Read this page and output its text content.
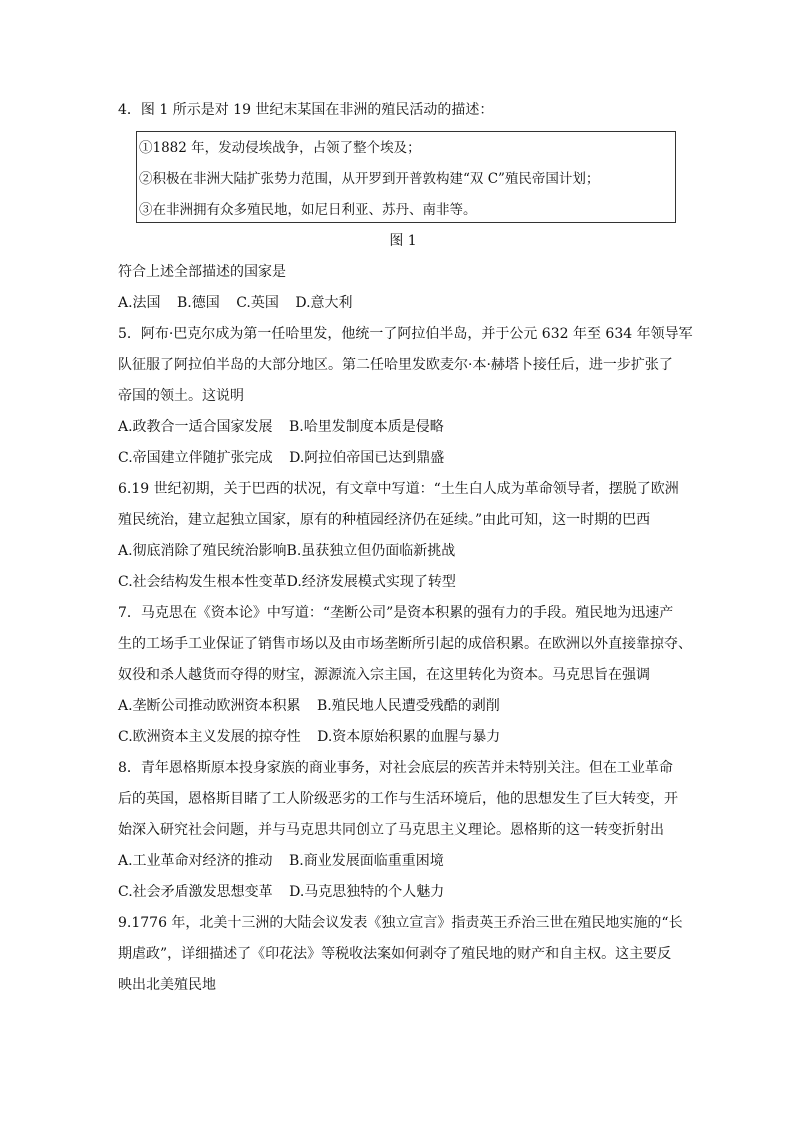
4．图 1 所示是对 19 世纪末某国在非洲的殖民活动的描述：
①1882 年，发动侵埃战争，占领了整个埃及；
②积极在非洲大陆扩张势力范围，从开罗到开普敦构建“双 C”殖民帝国计划；
③在非洲拥有众多殖民地，如尼日利亚、苏丹、南非等。
图 1
符合上述全部描述的国家是
A.法国 B.德国 C.英国 D.意大利
5．阿布·巴克尔成为第一任哈里发，他统一了阿拉伯半岛，并于公元 632 年至 634 年领导军
队征服了阿拉伯半岛的大部分地区。第二任哈里发欧麦尔·本·赫塔卜接任后，进一步扩张了
帝国的领土。这说明
A.政教合一适合国家发展 B.哈里发制度本质是侵略
C.帝国建立伴随扩张完成 D.阿拉伯帝国已达到鼎盛
6.19 世纪初期，关于巴西的状况，有文章中写道：“土生白人成为革命领导者，摆脱了欧洲
殖民统治，建立起独立国家，原有的种植园经济仍在延续。”由此可知，这一时期的巴西
A.彻底消除了殖民统治影响B.虽获独立但仍面临新挑战
C.社会结构发生根本性变革D.经济发展模式实现了转型
7．马克思在《资本论》中写道：“垄断公司”是资本积累的强有力的手段。殖民地为迅速产
生的工场手工业保证了销售市场以及由市场垄断所引起的成倍积累。在欧洲以外直接靠掠夺、
奴役和杀人越货而夺得的财宝，源源流入宗主国，在这里转化为资本。马克思旨在强调
A.垄断公司推动欧洲资本积累 B.殖民地人民遭受残酷的剥削
C.欧洲资本主义发展的掠夺性 D.资本原始积累的血腥与暴力
8．青年恩格斯原本投身家族的商业事务，对社会底层的疾苦并未特别关注。但在工业革命
后的英国，恩格斯目睹了工人阶级恶劣的工作与生活环境后，他的思想发生了巨大转变，开
始深入研究社会问题，并与马克思共同创立了马克思主义理论。恩格斯的这一转变折射出
A.工业革命对经济的推动 B.商业发展面临重重困境
C.社会矛盾激发思想变革 D.马克思独特的个人魅力
9.1776 年，北美十三洲的大陆会议发表《独立宣言》指责英王乔治三世在殖民地实施的“长
期虐政”，详细描述了《印花法》等税收法案如何剥夺了殖民地的财产和自主权。这主要反
映出北美殖民地
